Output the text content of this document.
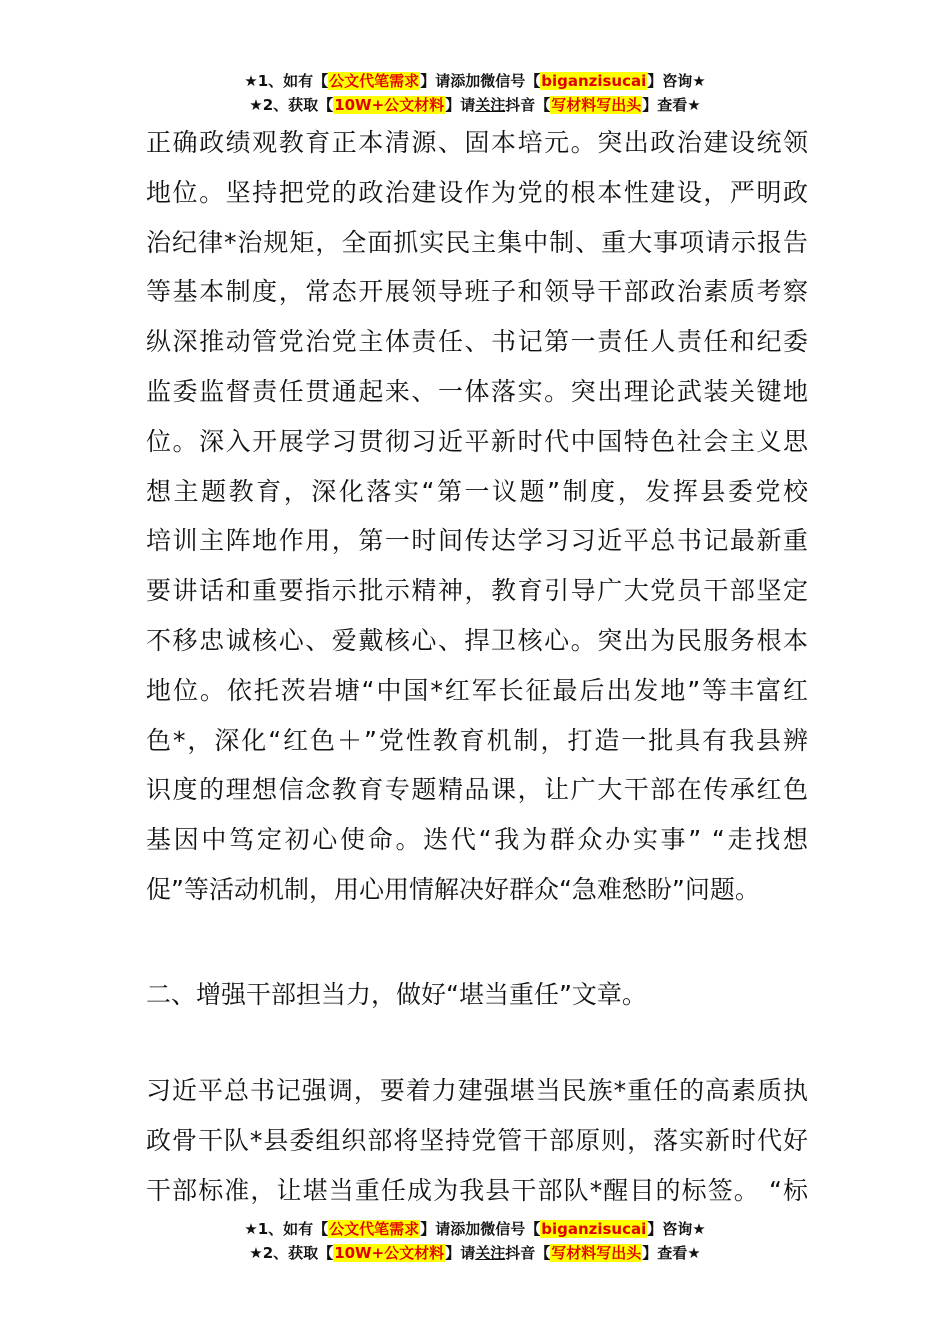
★1、如有【公文代笔需求】请添加微信号【biganzisucai】咨询★
★2、获取【10W+公文材料】请关注抖音【写材料写出头】查看★
正确政绩观教育正本清源、固本培元。突出政治建设统领
地位。坚持把党的政治建设作为党的根本性建设，严明政
治纪律*治规矩，全面抓实民主集中制、重大事项请示报告
等基本制度，常态开展领导班子和领导干部政治素质考察
纵深推动管党治党主体责任、书记第一责任人责任和纪委
监委监督责任贯通起来、一体落实。突出理论武装关键地
位。深入开展学习贯彻习近平新时代中国特色社会主义思
想主题教育，深化落实“第一议题”制度，发挥县委党校
培训主阵地作用，第一时间传达学习习近平总书记最新重
要讲话和重要指示批示精神，教育引导广大党员干部坚定
不移忠诚核心、爱戴核心、捍卫核心。突出为民服务根本
地位。依托茨岩塘“中国*红军长征最后出发地”等丰富红
色*，深化“红色＋”党性教育机制，打造一批具有我县辨
识度的理想信念教育专题精品课，让广大干部在传承红色
基因中笃定初心使命。迭代“我为群众办实事” “走找想
促”等活动机制，用心用情解决好群众“急难愁盼”问题。
二、增强干部担当力，做好“堪当重任”文章。
习近平总书记强调，要着力建强堪当民族*重任的高素质执
政骨干队*县委组织部将坚持党管干部原则，落实新时代好
干部标准，让堪当重任成为我县干部队*醒目的标签。 “标
★1、如有【公文代笔需求】请添加微信号【biganzisucai】咨询★
★2、获取【10W+公文材料】请关注抖音【写材料写出头】查看★
